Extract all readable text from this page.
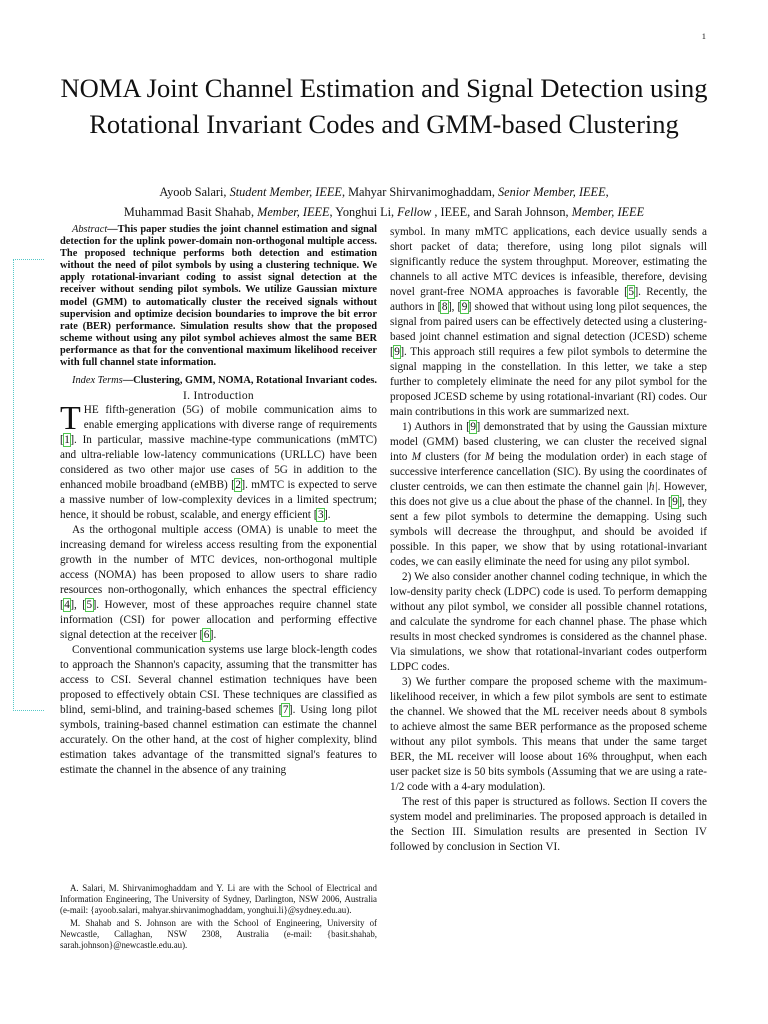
1
NOMA Joint Channel Estimation and Signal Detection using Rotational Invariant Codes and GMM-based Clustering
Ayoob Salari, Student Member, IEEE, Mahyar Shirvanimoghaddam, Senior Member, IEEE,
Muhammad Basit Shahab, Member, IEEE, Yonghui Li, Fellow , IEEE, and Sarah Johnson, Member, IEEE

Abstract—This paper studies the joint channel estimation and signal detection for the uplink power-domain non-orthogonal multiple access. The proposed technique performs both detection and estimation without the need of pilot symbols by using a clustering technique. We apply rotational-invariant coding to assist signal detection at the receiver without sending pilot symbols. We utilize Gaussian mixture model (GMM) to automatically cluster the received signals without supervision and optimize decision boundaries to improve the bit error rate (BER) performance. Simulation results show that the proposed scheme without using any pilot symbol achieves almost the same BER performance as that for the conventional maximum likelihood receiver with full channel state information.

Index Terms—Clustering, GMM, NOMA, Rotational Invariant codes.

I. Introduction

THE fifth-generation (5G) of mobile communication aims to enable emerging applications with diverse range of requirements [1]. In particular, massive machine-type communications (mMTC) and ultra-reliable low-latency communications (URLLC) have been considered as two other major use cases of 5G in addition to the enhanced mobile broadband (eMBB) [2]. mMTC is expected to serve a massive number of low-complexity devices in a limited spectrum; hence, it should be robust, scalable, and energy efficient [3].

As the orthogonal multiple access (OMA) is unable to meet the increasing demand for wireless access resulting from the exponential growth in the number of MTC devices, non-orthogonal multiple access (NOMA) has been proposed to allow users to share radio resources non-orthogonally, which enhances the spectral efficiency [4], [5]. However, most of these approaches require channel state information (CSI) for power allocation and performing effective signal detection at the receiver [6].

Conventional communication systems use large block-length codes to approach the Shannon's capacity, assuming that the transmitter has access to CSI. Several channel estimation techniques have been proposed to effectively obtain CSI. These techniques are classified as blind, semi-blind, and training-based schemes [7]. Using long pilot symbols, training-based channel estimation can estimate the channel accurately. On the other hand, at the cost of higher complexity, blind estimation takes advantage of the transmitted signal's features to estimate the channel in the absence of any training

A. Salari, M. Shirvanimoghaddam and Y. Li are with the School of Electrical and Information Engineering, The University of Sydney, Darlington, NSW 2006, Australia (e-mail: {ayoob.salari, mahyar.shirvanimoghaddam, yonghui.li}@sydney.edu.au).

M. Shahab and S. Johnson are with the School of Engineering, University of Newcastle, Callaghan, NSW 2308, Australia (e-mail: {basit.shahab, sarah.johnson}@newcastle.edu.au).

symbol. In many mMTC applications, each device usually sends a short packet of data; therefore, using long pilot signals will significantly reduce the system throughput. Moreover, estimating the channels to all active MTC devices is infeasible, therefore, devising novel grant-free NOMA approaches is favorable [5]. Recently, the authors in [8], [9] showed that without using long pilot sequences, the signal from paired users can be effectively detected using a clustering-based joint channel estimation and signal detection (JCESD) scheme [9]. This approach still requires a few pilot symbols to determine the signal mapping in the constellation. In this letter, we take a step further to completely eliminate the need for any pilot symbol for the proposed JCESD scheme by using rotational-invariant (RI) codes. Our main contributions in this work are summarized next.

1) Authors in [9] demonstrated that by using the Gaussian mixture model (GMM) based clustering, we can cluster the received signal into M clusters (for M being the modulation order) in each stage of successive interference cancellation (SIC). By using the coordinates of cluster centroids, we can then estimate the channel gain |h|. However, this does not give us a clue about the phase of the channel. In [9], they sent a few pilot symbols to determine the demapping. Using such symbols will decrease the throughput, and should be avoided if possible. In this paper, we show that by using rotational-invariant codes, we can easily eliminate the need for using any pilot symbol.

2) We also consider another channel coding technique, in which the low-density parity check (LDPC) code is used. To perform demapping without any pilot symbol, we consider all possible channel rotations, and calculate the syndrome for each channel phase. The phase which results in most checked syndromes is considered as the channel phase. Via simulations, we show that rotational-invariant codes outperform LDPC codes.

3) We further compare the proposed scheme with the maximum-likelihood receiver, in which a few pilot symbols are sent to estimate the channel. We showed that the ML receiver needs about 8 symbols to achieve almost the same BER performance as the proposed scheme without any pilot symbols. This means that under the same target BER, the ML receiver will loose about 16% throughput, when each user packet size is 50 bits symbols (Assuming that we are using a rate-1/2 code with a 4-ary modulation).

The rest of this paper is structured as follows. Section II covers the system model and preliminaries. The proposed approach is detailed in the Section III. Simulation results are presented in Section IV followed by conclusion in Section VI.
